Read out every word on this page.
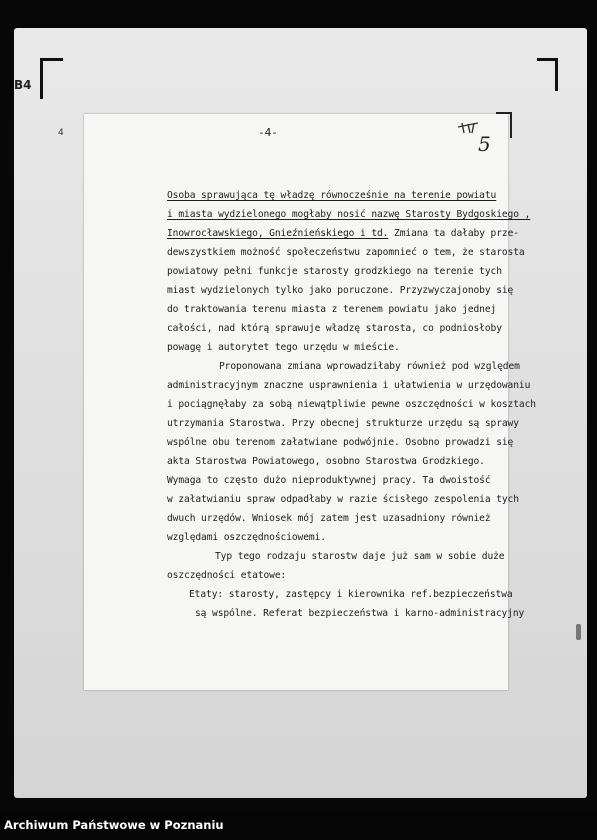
B4
4	-4-	5
Osoba sprawująca tę władzę równocześnie na terenie powiatu
i miasta wydzielonego mogłaby nosić nazwę Starosty Bydgoskiego ,
Inowrocławskiego, Gnieźnieńskiego i td. Zmiana ta dałaby prze-
dewszystkiem możność społeczeństwu zapomnieć o tem, że starosta
powiatowy pełni funkcje starosty grodzkiego na terenie tych
miast wydzielonych tylko jako poruczone. Przyzwyczajonoby się
do traktowania terenu miasta z terenem powiatu jako jednej
całości, nad którą sprawuje władzę starosta, co podniosłoby
powagę i autorytet tego urzędu w mieście.
Proponowana zmiana wprowadziłaby również pod względem
administracyjnym znaczne usprawnienia i ułatwienia w urzędowaniu
i pociągnęłaby za sobą niewątpliwie pewne oszczędności w kosztach
utrzymania Starostwa. Przy obecnej strukturze urzędu są sprawy
wspólne obu terenom załatwiane podwójnie. Osobno prowadzi się
akta Starostwa Powiatowego, osobno Starostwa Grodzkiego.
Wymaga to często dużo nieproduktywnej pracy. Ta dwoistość
w załatwianiu spraw odpadłaby w razie ścisłego zespolenia tych
dwuch urzędów. Wniosek mój zatem jest uzasadniony również
względami oszczędnościowemi.
Typ tego rodzaju starostw daje już sam w sobie duże
oszczędności etatowe:
Etaty: starosty, zastępcy i kierownika ref.bezpieczeństwa
są wspólne. Referat bezpieczeństwa i karno-administracyjny
Archiwum Państwowe w Poznaniu
